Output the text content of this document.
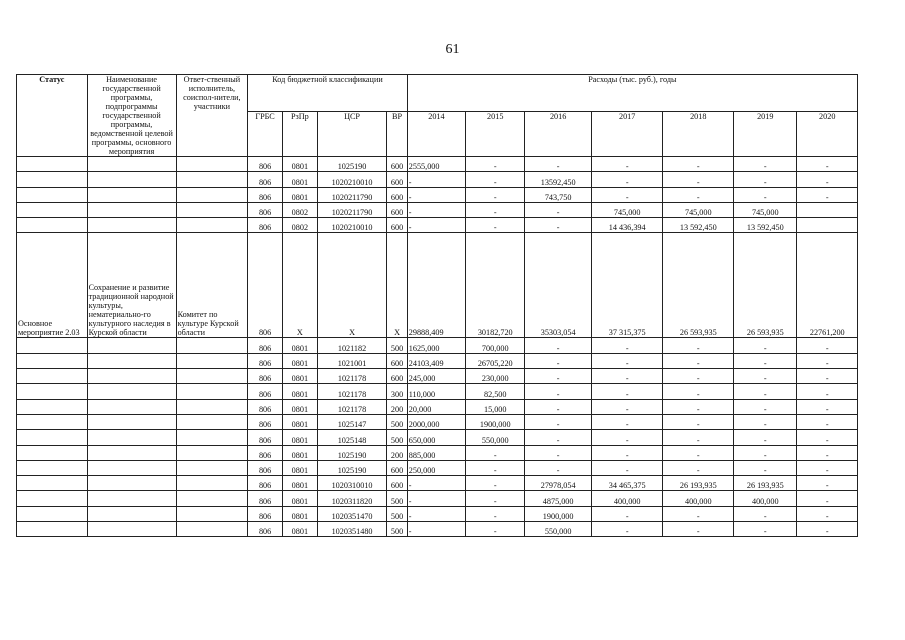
61
Статус	Наименование государственной программы, подпрограммы государственной программы, ведомственной целевой программы, основного мероприятия	Ответ-ственный исполнитель, соиспол-нители, участники	Код бюджетной классификации				Расходы (тыс. руб.), годы						
			ГРБС	РзПр	ЦСР	ВР	2014	2015	2016	2017	2018	2019	2020
			806	0801	1025190	600	2555,000	-	-	-	-	-	-
			806	0801	1020210010	600	-	-	13592,450	-	-	-	-
			806	0801	1020211790	600	-	-	743,750	-	-	-	-
			806	0802	1020211790	600	-	-	-	745,000	745,000	745,000	
			806	0802	1020210010	600	-	-	-	14 436,394	13 592,450	13 592,450	
Основное мероприятие 2.03	Сохранение и развитие традиционной народной культуры, нематериально-го культурного наследия в Курской области	Комитет по культуре Курской области	806	Х	Х	Х	29888,409	30182,720	35303,054	37 315,375	26 593,935	26 593,935	22761,200
			806	0801	1021182	500	1625,000	700,000	-	-	-	-	-
			806	0801	1021001	600	24103,409	26705,220	-	-	-	-	-
			806	0801	1021178	600	245,000	230,000	-	-	-	-	-
			806	0801	1021178	300	110,000	82,500	-	-	-	-	-
			806	0801	1021178	200	20,000	15,000	-	-	-	-	-
			806	0801	1025147	500	2000,000	1900,000	-	-	-	-	-
			806	0801	1025148	500	650,000	550,000	-	-	-	-	-
			806	0801	1025190	200	885,000	-	-	-	-	-	-
			806	0801	1025190	600	250,000	-	-	-	-	-	-
			806	0801	1020310010	600	-	-	27978,054	34 465,375	26 193,935	26 193,935	-
			806	0801	1020311820	500	-	-	4875,000	400,000	400,000	400,000	-
			806	0801	1020351470	500	-	-	1900,000	-	-	-	-
			806	0801	1020351480	500	-	-	550,000	-	-	-	-
